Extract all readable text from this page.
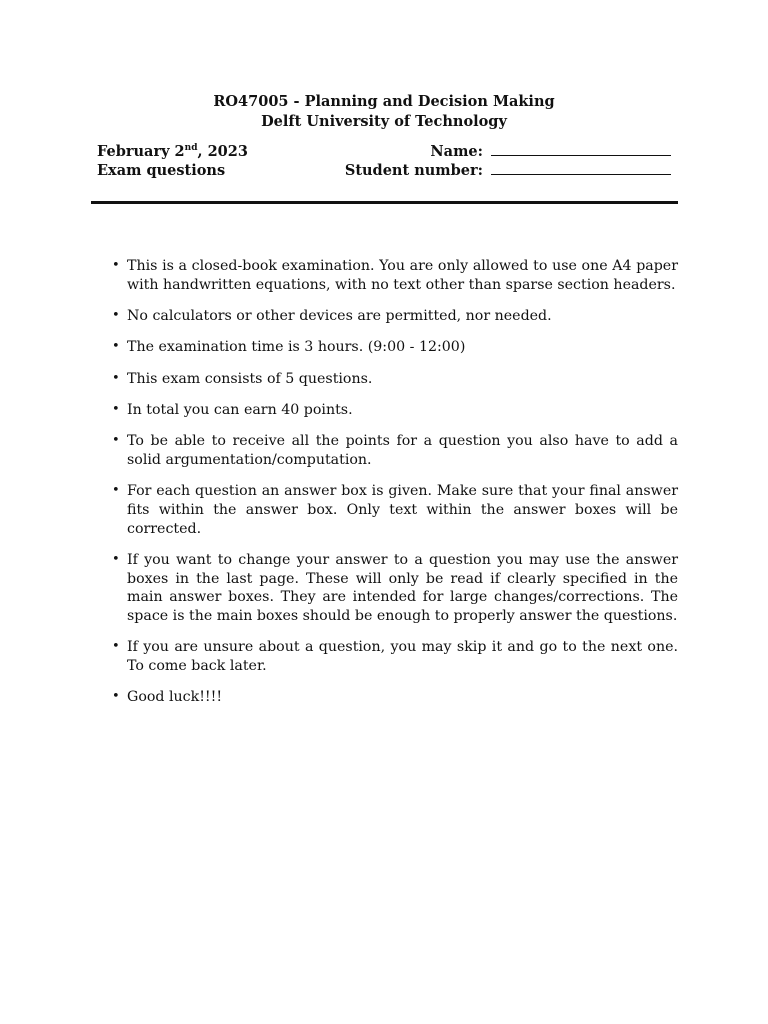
RO47005 - Planning and Decision Making
Delft University of Technology
February 2nd, 2023
Exam questions
Name:
Student number:
• This is a closed-book examination. You are only allowed to use one A4 paper with handwritten equations, with no text other than sparse section headers.
• No calculators or other devices are permitted, nor needed.
• The examination time is 3 hours. (9:00 - 12:00)
• This exam consists of 5 questions.
• In total you can earn 40 points.
• To be able to receive all the points for a question you also have to add a solid argumentation/computation.
• For each question an answer box is given. Make sure that your final answer fits within the answer box. Only text within the answer boxes will be corrected.
• If you want to change your answer to a question you may use the answer boxes in the last page. These will only be read if clearly specified in the main answer boxes. They are intended for large changes/corrections. The space is the main boxes should be enough to properly answer the questions.
• If you are unsure about a question, you may skip it and go to the next one. To come back later.
• Good luck!!!!
